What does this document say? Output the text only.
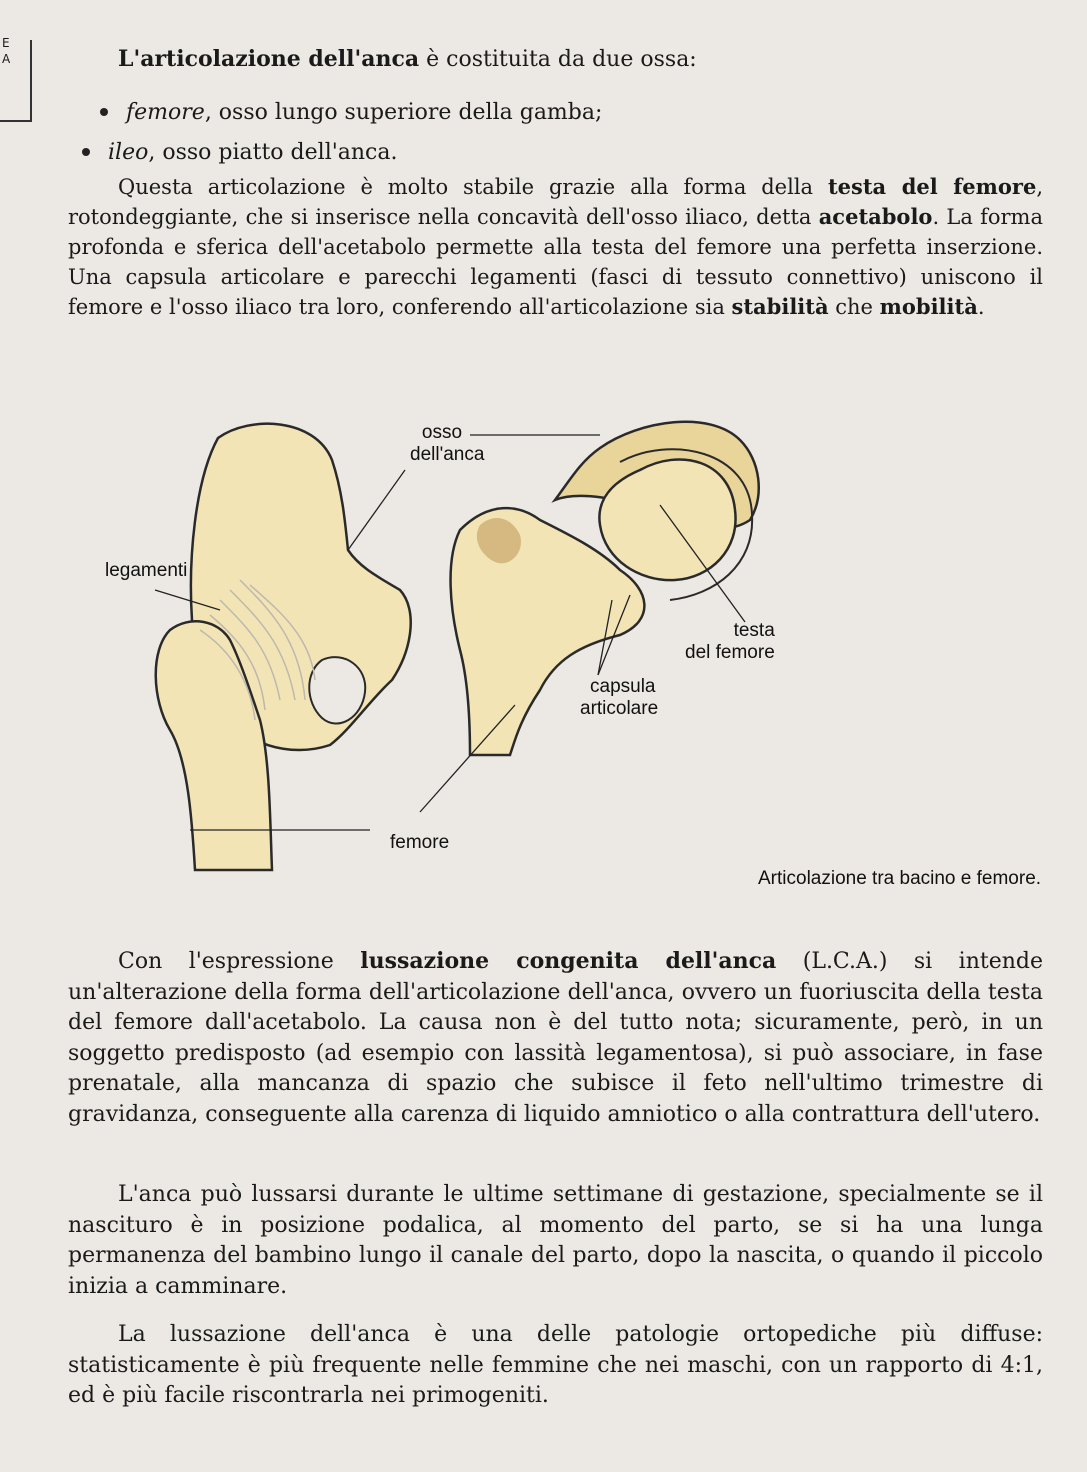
E
A	L'articolazione dell'anca è costituita da due ossa:
femore , osso lungo superiore della gamba;
ileo , osso piatto dell'anca.
Questa articolazione è molto stabile grazie alla forma della testa del femore, rotondeggiante, che si inserisce nella concavità dell'osso iliaco, detta acetabolo. La forma profonda e sferica dell'acetabolo permette alla testa del femore una perfetta inserzione. Una capsula articolare e parecchi legamenti (fasci di tessuto connettivo) uniscono il femore e l'osso iliaco tra loro, conferendo all'articolazione sia stabilità che mobilità.
osso
dell'anca
legamenti
testa
del femore
capsula
articolare
femore
Articolazione tra bacino e femore.
Con l'espressione lussazione congenita dell'anca (L.C.A.) si intende un'alterazione della forma dell'articolazione dell'anca, ovvero un fuoriuscita della testa del femore dall'acetabolo. La causa non è del tutto nota; sicuramente, però, in un soggetto predisposto (ad esempio con lassità legamentosa), si può associare, in fase prenatale, alla mancanza di spazio che subisce il feto nell'ultimo trimestre di gravidanza, conseguente alla carenza di liquido amniotico o alla contrattura dell'utero.
L'anca può lussarsi durante le ultime settimane di gestazione, specialmente se il nascituro è in posizione podalica, al momento del parto, se si ha una lunga permanenza del bambino lungo il canale del parto, dopo la nascita, o quando il piccolo inizia a camminare.
La lussazione dell'anca è una delle patologie ortopediche più diffuse: statisticamente è più frequente nelle femmine che nei maschi, con un rapporto di 4:1, ed è più facile riscontrarla nei primogeniti.
